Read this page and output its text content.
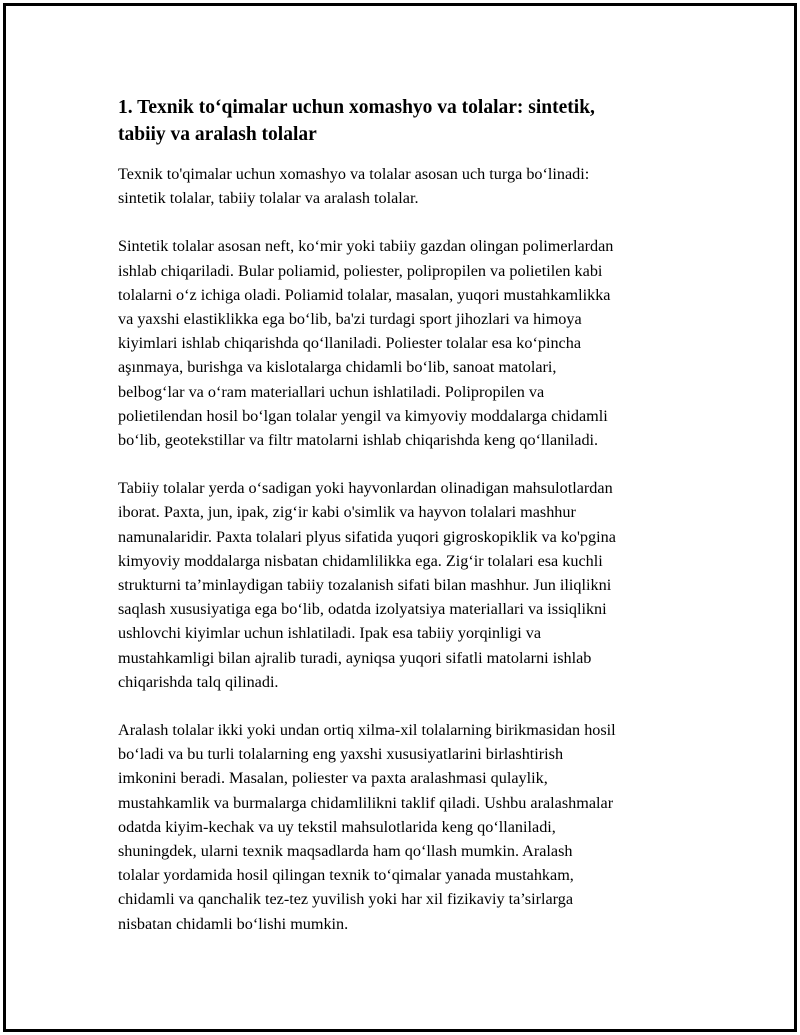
1. Texnik to‘qimalar uchun xomashyo va tolalar: sintetik,
tabiiy va aralash tolalar

Texnik to'qimalar uchun xomashyo va tolalar asosan uch turga bo‘linadi:
sintetik tolalar, tabiiy tolalar va aralash tolalar.

Sintetik tolalar asosan neft, ko‘mir yoki tabiiy gazdan olingan polimerlardan
ishlab chiqariladi. Bular poliamid, poliester, polipropilen va polietilen kabi
tolalarni o‘z ichiga oladi. Poliamid tolalar, masalan, yuqori mustahkamlikka
va yaxshi elastiklikka ega bo‘lib, ba'zi turdagi sport jihozlari va himoya
kiyimlari ishlab chiqarishda qo‘llaniladi. Poliester tolalar esa ko‘pincha
aşınmaya, burishga va kislotalarga chidamli bo‘lib, sanoat matolari,
belbog‘lar va o‘ram materiallari uchun ishlatiladi. Polipropilen va
polietilendan hosil bo‘lgan tolalar yengil va kimyoviy moddalarga chidamli
bo‘lib, geotekstillar va filtr matolarni ishlab chiqarishda keng qo‘llaniladi.

Tabiiy tolalar yerda o‘sadigan yoki hayvonlardan olinadigan mahsulotlardan
iborat. Paxta, jun, ipak, zig‘ir kabi o'simlik va hayvon tolalari mashhur
namunalaridir. Paxta tolalari plyus sifatida yuqori gigroskopiklik va ko'pgina
kimyoviy moddalarga nisbatan chidamlilikka ega. Zig‘ir tolalari esa kuchli
strukturni ta’minlaydigan tabiiy tozalanish sifati bilan mashhur. Jun iliqlikni
saqlash xususiyatiga ega bo‘lib, odatda izolyatsiya materiallari va issiqlikni
ushlovchi kiyimlar uchun ishlatiladi. Ipak esa tabiiy yorqinligi va
mustahkamligi bilan ajralib turadi, ayniqsa yuqori sifatli matolarni ishlab
chiqarishda talq qilinadi.

Aralash tolalar ikki yoki undan ortiq xilma-xil tolalarning birikmasidan hosil
bo‘ladi va bu turli tolalarning eng yaxshi xususiyatlarini birlashtirish
imkonini beradi. Masalan, poliester va paxta aralashmasi qulaylik,
mustahkamlik va burmalarga chidamlilikni taklif qiladi. Ushbu aralashmalar
odatda kiyim-kechak va uy tekstil mahsulotlarida keng qo‘llaniladi,
shuningdek, ularni texnik maqsadlarda ham qo‘llash mumkin. Aralash
tolalar yordamida hosil qilingan texnik to‘qimalar yanada mustahkam,
chidamli va qanchalik tez-tez yuvilish yoki har xil fizikaviy ta’sirlarga
nisbatan chidamli bo‘lishi mumkin.
